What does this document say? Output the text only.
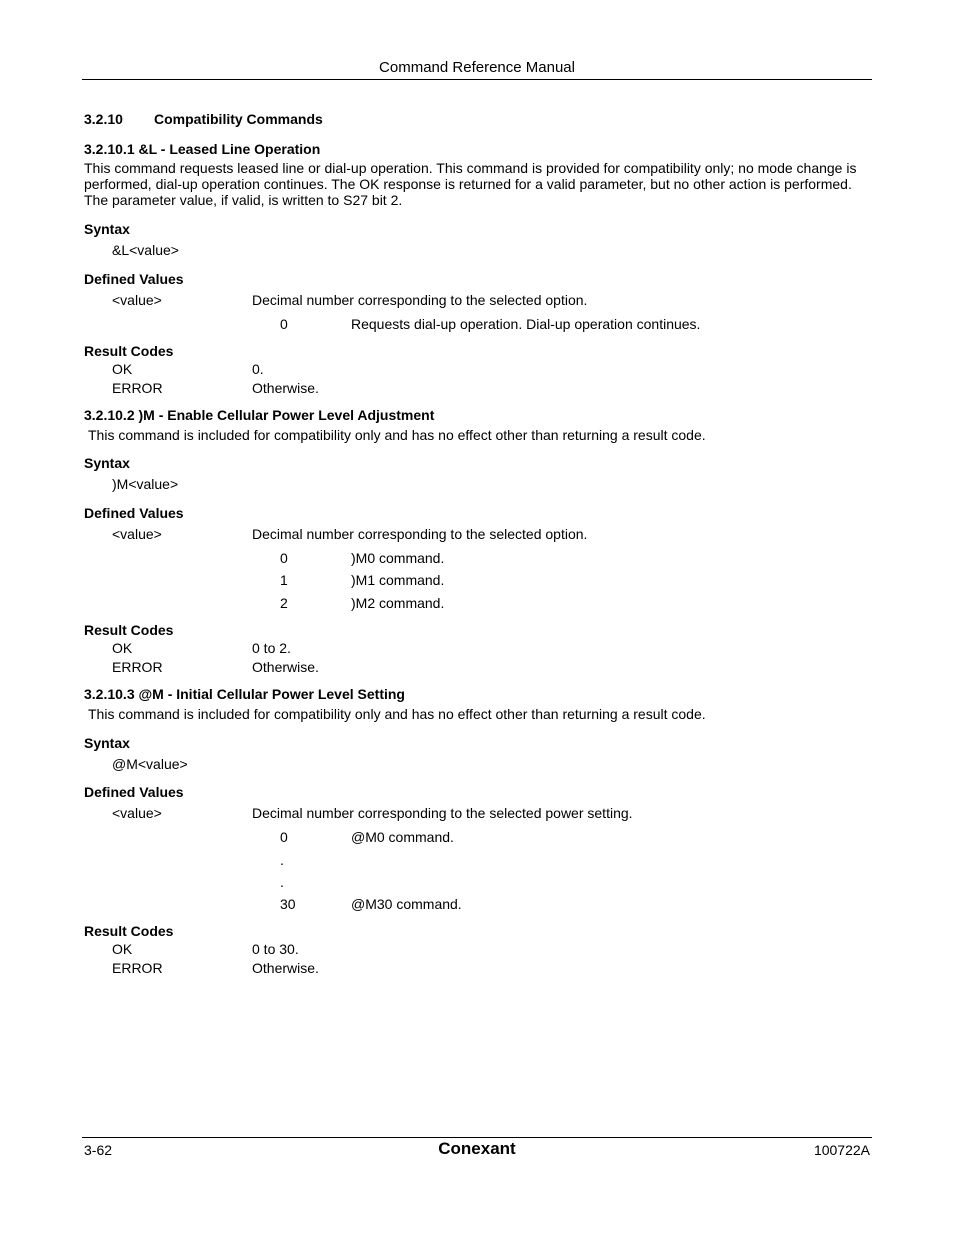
Command Reference Manual
3.2.10 Compatibility Commands
3.2.10.1 &L - Leased Line Operation
This command requests leased line or dial-up operation. This command is provided for compatibility only; no mode change is performed, dial-up operation continues. The OK response is returned for a valid parameter, but no other action is performed. The parameter value, if valid, is written to S27 bit 2.
Syntax
&L<value>
Defined Values
<value>	Decimal number corresponding to the selected option.
0	Requests dial-up operation. Dial-up operation continues.
Result Codes
OK	0.
ERROR	Otherwise.
3.2.10.2 )M - Enable Cellular Power Level Adjustment
This command is included for compatibility only and has no effect other than returning a result code.
Syntax
)M<value>
Defined Values
<value>	Decimal number corresponding to the selected option.
0	)M0 command.
1	)M1 command.
2	)M2 command.
Result Codes
OK	0 to 2.
ERROR	Otherwise.
3.2.10.3 @M - Initial Cellular Power Level Setting
This command is included for compatibility only and has no effect other than returning a result code.
Syntax
@M<value>
Defined Values
<value>	Decimal number corresponding to the selected power setting.
0	@M0 command.
.
.
30	@M30 command.
Result Codes
OK	0 to 30.
ERROR	Otherwise.
3-62	Conexant	100722A
